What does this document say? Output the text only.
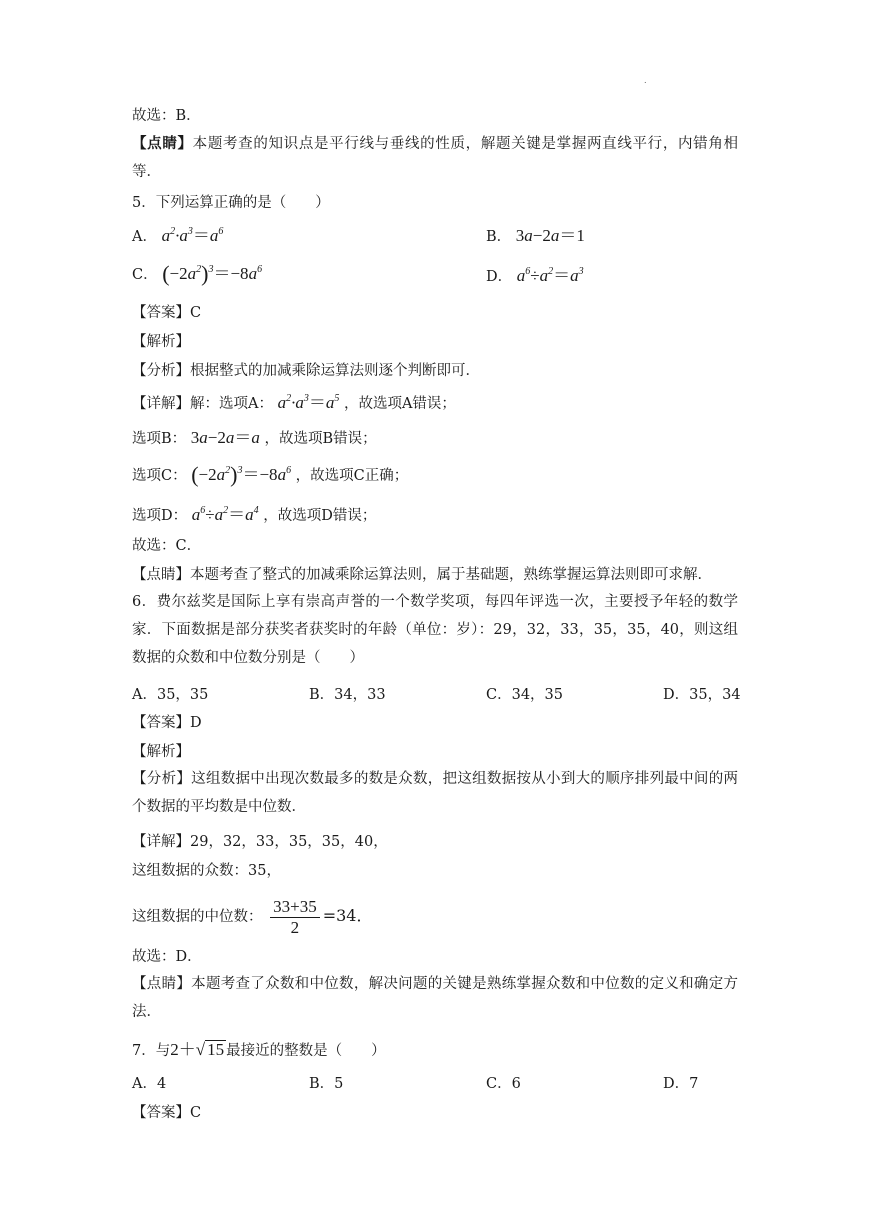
.
故选：B．
【点睛】本题考查的知识点是平行线与垂线的性质，解题关键是掌握两直线平行，内错角相等．
5．下列运算正确的是（　　）
A． $a^2\cdot a^3=a^6$	B． 3a−2a＝1
C． $(-2a^2)^3=-8a^6$	D． $a^6\div a^2=a^3$
【答案】C
【解析】
【分析】根据整式的加减乘除运算法则逐个判断即可．
【详解】解：选项A： $a^2\cdot a^3=a^5$ ，故选项A错误；
选项B： 3a−2a＝a ，故选项B错误；
选项C： $(-2a^2)^3=-8a^6$ ，故选项C正确；
选项D： $a^6\div a^2=a^4$ ，故选项D错误；
故选：C．
【点睛】本题考查了整式的加减乘除运算法则，属于基础题，熟练掌握运算法则即可求解．
6．费尔兹奖是国际上享有崇高声誉的一个数学奖项，每四年评选一次，主要授予年轻的数学家．下面数据是部分获奖者获奖时的年龄（单位：岁）：29，32，33，35，35，40，则这组数据的众数和中位数分别是（　　）
A．35，35	B．34，33	C．34，35	D．35，34
【答案】D
【解析】
【分析】这组数据中出现次数最多的数是众数，把这组数据按从小到大的顺序排列最中间的两个数据的平均数是中位数．
【详解】29，32，33，35，35，40，
这组数据的众数：35，
这组数据的中位数： $\frac{33+35}{2} =34$．
故选：D．
【点睛】本题考查了众数和中位数，解决问题的关键是熟练掌握众数和中位数的定义和确定方法．
7．与2＋√ 15 最接近的整数是（　　）
A．4	B．5	C．6	D．7
【答案】C
